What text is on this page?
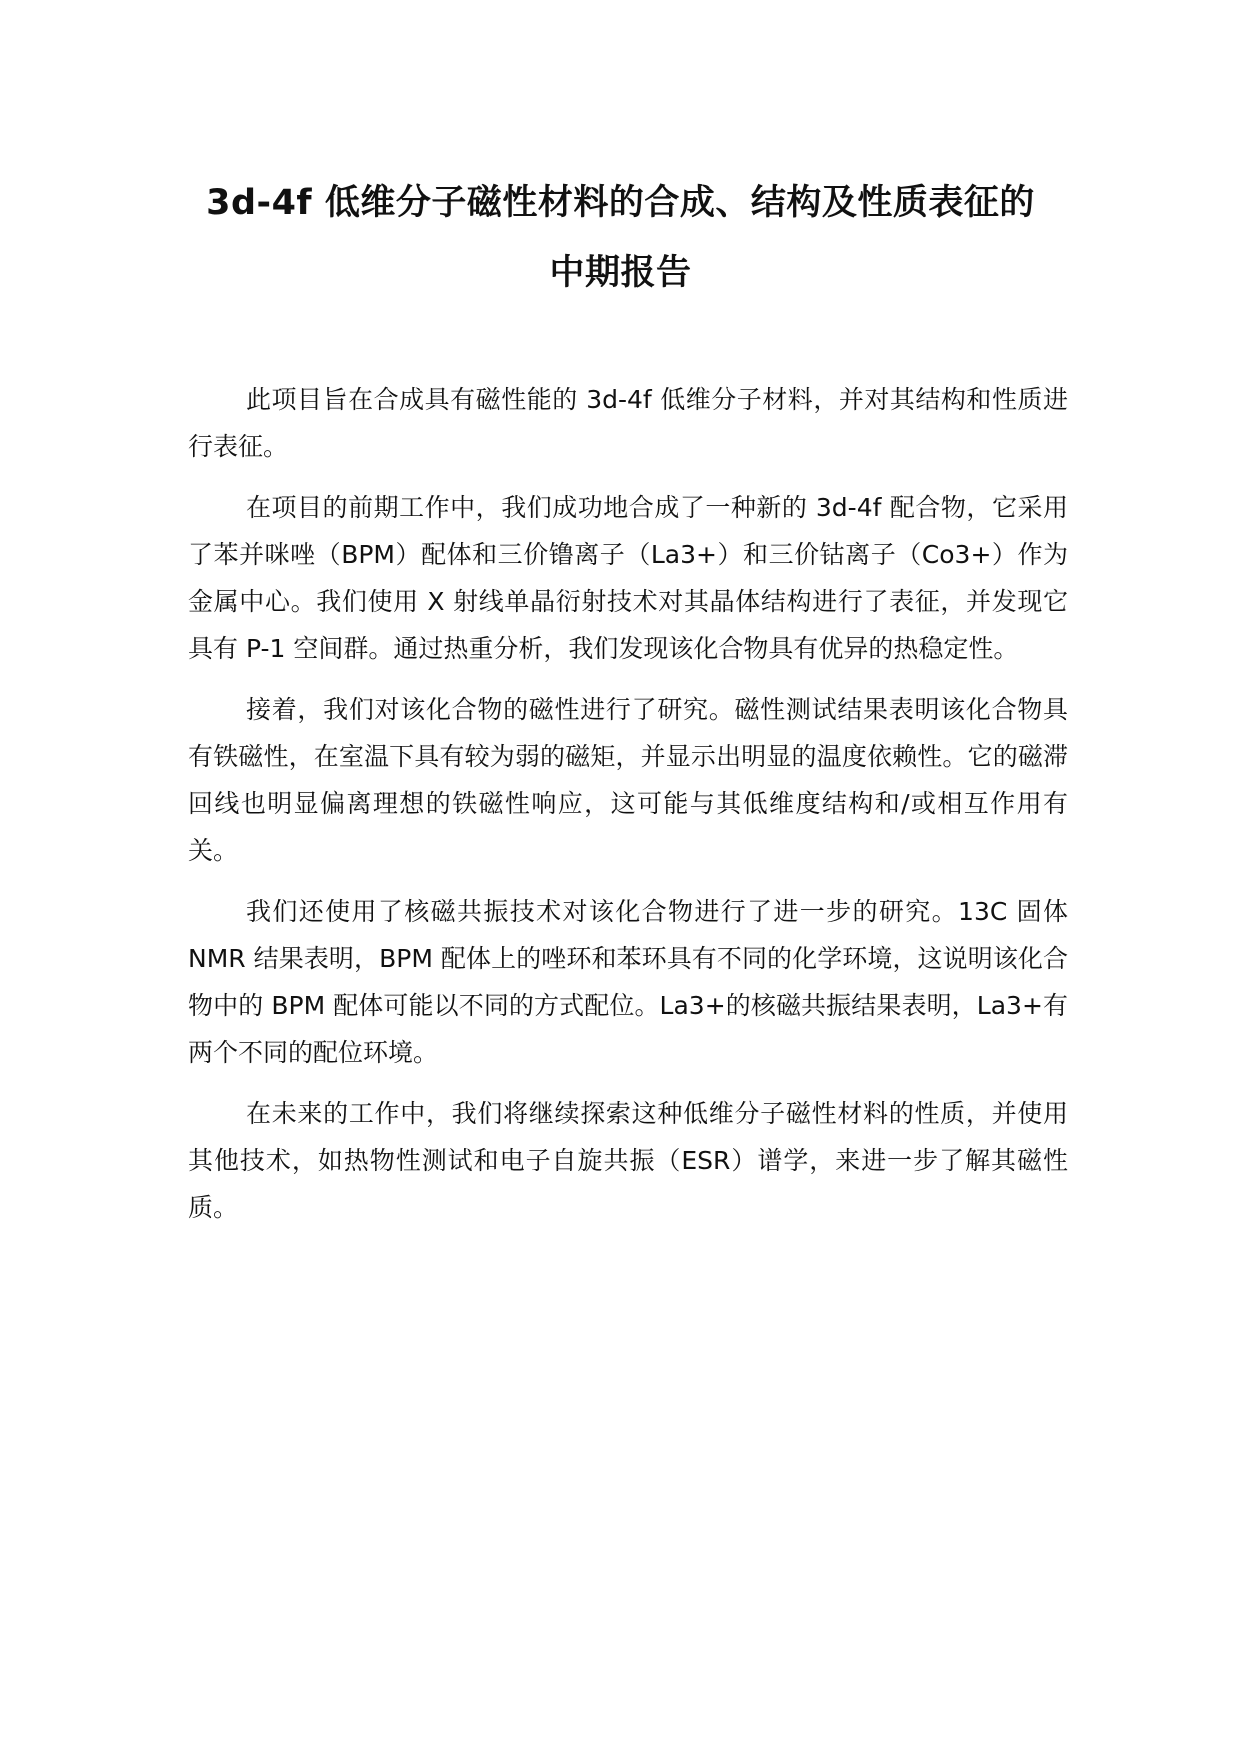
3d-4f 低维分子磁性材料的合成、结构及性质表征的
中期报告

此项目旨在合成具有磁性能的 3d-4f 低维分子材料，并对其结构和性质进行表征。

在项目的前期工作中，我们成功地合成了一种新的 3d-4f 配合物，它采用了苯并咪唑（BPM）配体和三价镥离子（La3+）和三价钴离子（Co3+）作为金属中心。我们使用 X 射线单晶衍射技术对其晶体结构进行了表征，并发现它具有 P-1 空间群。通过热重分析，我们发现该化合物具有优异的热稳定性。

接着，我们对该化合物的磁性进行了研究。磁性测试结果表明该化合物具有铁磁性，在室温下具有较为弱的磁矩，并显示出明显的温度依赖性。它的磁滞回线也明显偏离理想的铁磁性响应，这可能与其低维度结构和/或相互作用有关。

我们还使用了核磁共振技术对该化合物进行了进一步的研究。13C 固体 NMR 结果表明，BPM 配体上的唑环和苯环具有不同的化学环境，这说明该化合物中的 BPM 配体可能以不同的方式配位。La3+的核磁共振结果表明，La3+有两个不同的配位环境。

在未来的工作中，我们将继续探索这种低维分子磁性材料的性质，并使用其他技术，如热物性测试和电子自旋共振（ESR）谱学，来进一步了解其磁性质。
